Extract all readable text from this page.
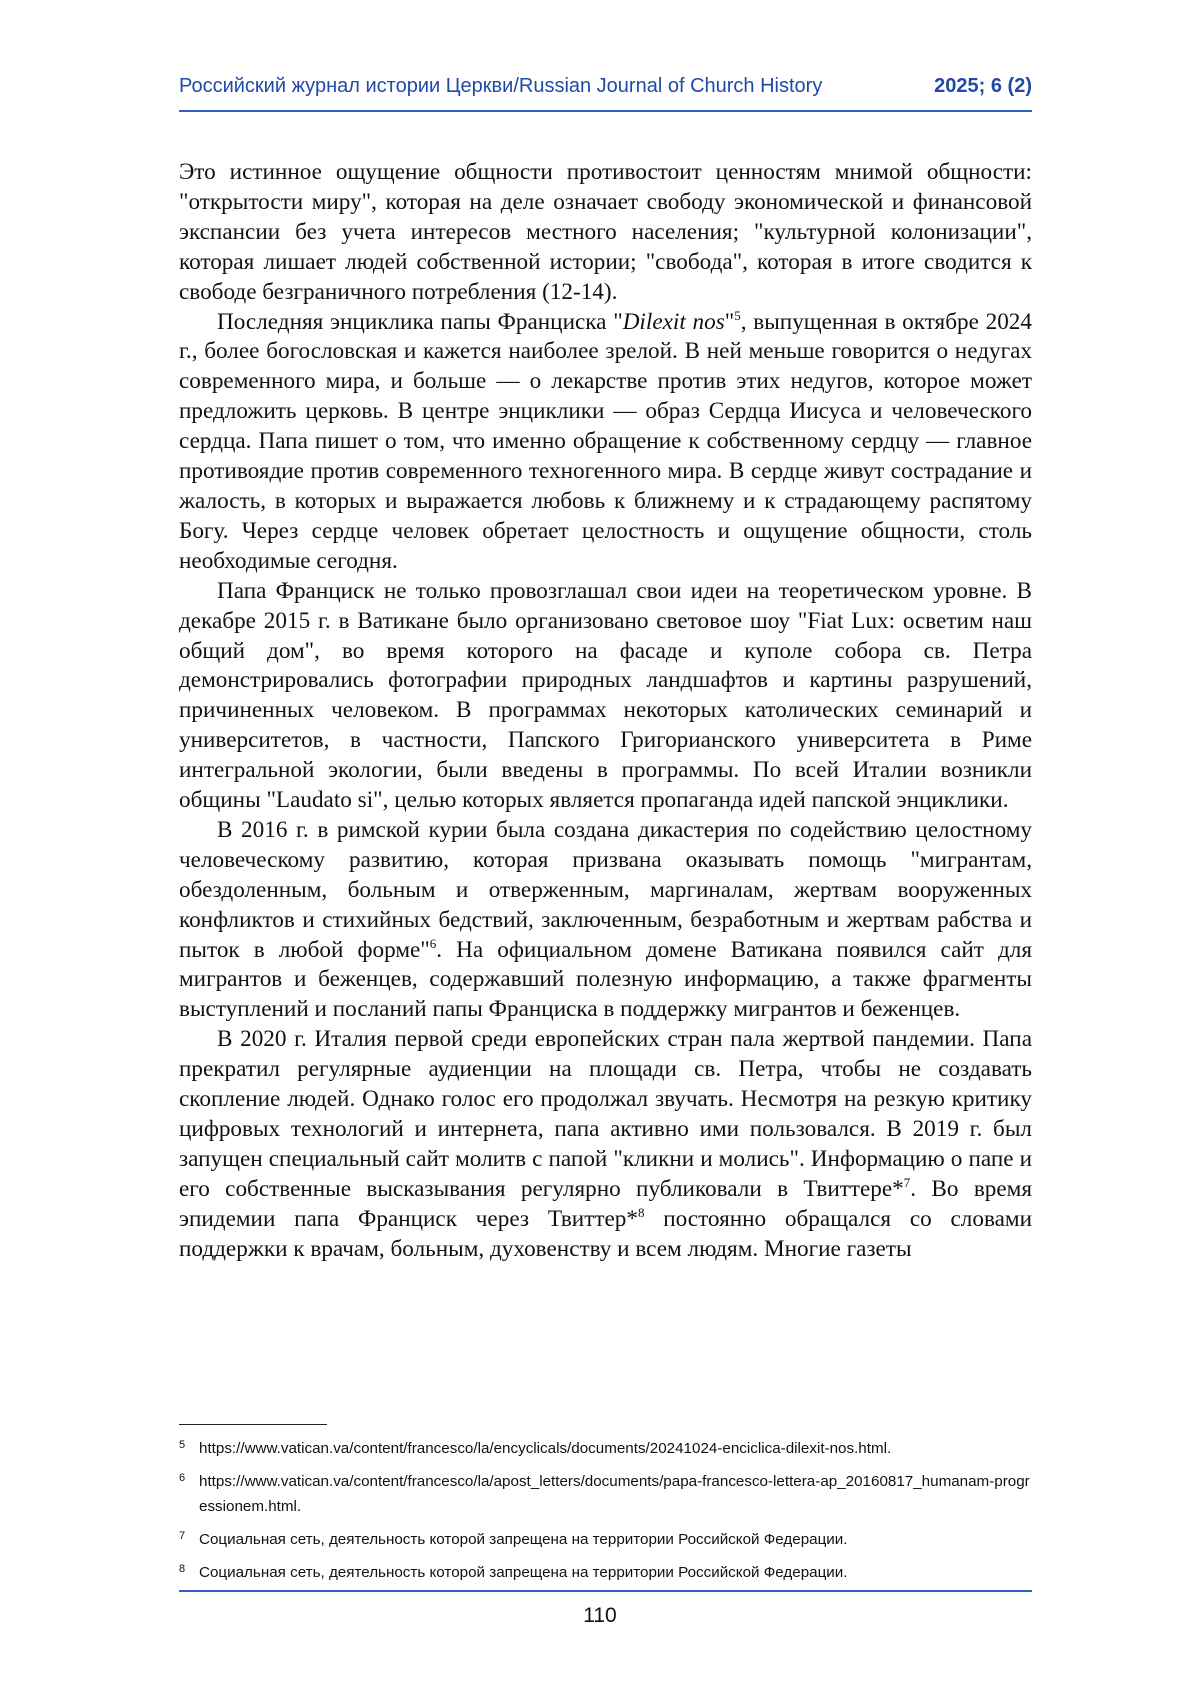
Российский журнал истории Церкви/Russian Journal of Church History	2025; 6 (2)

Это истинное ощущение общности противостоит ценностям мнимой общности: "открытости миру", которая на деле означает свободу экономической и финансовой экспансии без учета интересов местного населения; "культурной колонизации", которая лишает людей собственной истории; "свобода", которая в итоге сводится к свободе безграничного потребления (12-14).

Последняя энциклика папы Франциска "Dilexit nos"$^5$, выпущенная в октябре 2024 г., более богословская и кажется наиболее зрелой. В ней меньше говорится о недугах современного мира, и больше — о лекарстве против этих недугов, которое может предложить церковь. В центре энциклики — образ Сердца Иисуса и человеческого сердца. Папа пишет о том, что именно обращение к собственному сердцу — главное противоядие против современного техногенного мира. В сердце живут сострадание и жалость, в которых и выражается любовь к ближнему и к страдающему распятому Богу. Через сердце человек обретает целостность и ощущение общности, столь необходимые сегодня.

Папа Франциск не только провозглашал свои идеи на теоретическом уровне. В декабре 2015 г. в Ватикане было организовано световое шоу "Fiat Lux: осветим наш общий дом", во время которого на фасаде и куполе собора св. Петра демонстрировались фотографии природных ландшафтов и картины разрушений, причиненных человеком. В программах некоторых католических семинарий и университетов, в частности, Папского Григорианского университета в Риме интегральной экологии, были введены в программы. По всей Италии возникли общины "Laudato si", целью которых является пропаганда идей папской энциклики.

В 2016 г. в римской курии была создана дикастерия по содействию целостному человеческому развитию, которая призвана оказывать помощь "мигрантам, обездоленным, больным и отверженным, маргиналам, жертвам вооруженных конфликтов и стихийных бедствий, заключенным, безработным и жертвам рабства и пыток в любой форме"$^6$. На официальном домене Ватикана появился сайт для мигрантов и беженцев, содержавший полезную информацию, а также фрагменты выступлений и посланий папы Франциска в поддержку мигрантов и беженцев.

В 2020 г. Италия первой среди европейских стран пала жертвой пандемии. Папа прекратил регулярные аудиенции на площади св. Петра, чтобы не создавать скопление людей. Однако голос его продолжал звучать. Несмотря на резкую критику цифровых технологий и интернета, папа активно ими пользовался. В 2019 г. был запущен специальный сайт молитв с папой "кликни и молись". Информацию о папе и его собственные высказывания регулярно публиковали в Твиттере*$^7$. Во время эпидемии папа Франциск через Твиттер*$^8$ постоянно обращался со словами поддержки к врачам, больным, духовенству и всем людям. Многие газеты

5 https://www.vatican.va/content/francesco/la/encyclicals/documents/20241024-enciclica-dilexit-nos.html.
6 https://www.vatican.va/content/francesco/la/apost_letters/documents/papa-francesco-lettera-ap_20160817_humanam-progressionem.html.
7 Социальная сеть, деятельность которой запрещена на территории Российской Федерации.
8 Социальная сеть, деятельность которой запрещена на территории Российской Федерации.
110
